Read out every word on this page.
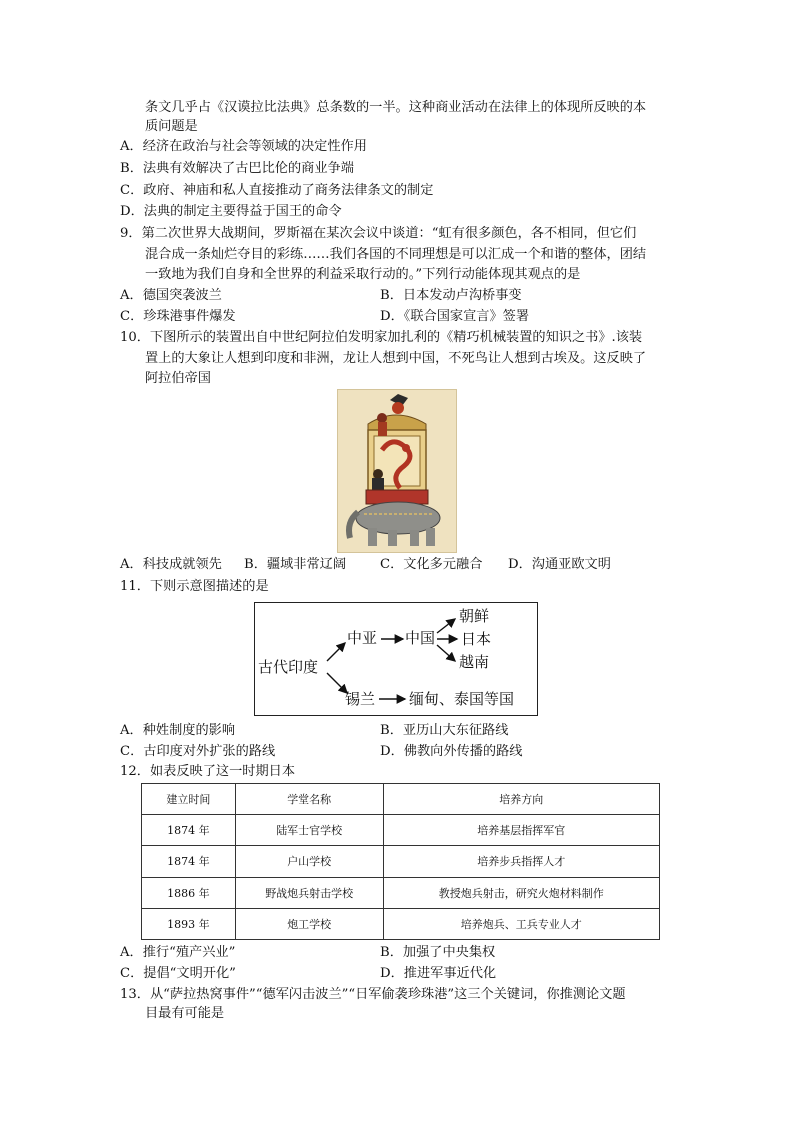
条文几乎占《汉谟拉比法典》总条数的一半。这种商业活动在法律上的体现所反映的本
质问题是
A．经济在政治与社会等领域的决定性作用
B．法典有效解决了古巴比伦的商业争端
C．政府、神庙和私人直接推动了商务法律条文的制定
D．法典的制定主要得益于国王的命令
9．第二次世界大战期间，罗斯福在某次会议中谈道：“虹有很多颜色，各不相同，但它们
混合成一条灿烂夺目的彩练……我们各国的不同理想是可以汇成一个和谐的整体，团结
一致地为我们自身和全世界的利益采取行动的。”下列行动能体现其观点的是
A．德国突袭波兰	B．日本发动卢沟桥事变
C．珍珠港事件爆发	D．《联合国家宣言》签署
10．下图所示的装置出自中世纪阿拉伯发明家加扎利的《精巧机械装置的知识之书》.该装
置上的大象让人想到印度和非洲，龙让人想到中国，不死鸟让人想到古埃及。这反映了
阿拉伯帝国
A．科技成就领先 B．疆域非常辽阔	C．文化多元融合 D．沟通亚欧文明
11．下则示意图描述的是
古代印度
中亚 中国
朝鲜
日本
越南
锡兰 缅甸、泰国等国
A．种姓制度的影响	B．亚历山大东征路线
C．古印度对外扩张的路线	D．佛教向外传播的路线
12．如表反映了这一时期日本
建立时间	学堂名称	培养方向
1874 年	陆军士官学校	培养基层指挥军官
1874 年	户山学校	培养步兵指挥人才
1886 年	野战炮兵射击学校	教授炮兵射击，研究火炮材料制作
1893 年	炮工学校	培养炮兵、工兵专业人才
A．推行“殖产兴业”	B．加强了中央集权
C．提倡“文明开化”	D．推进军事近代化
13．从“萨拉热窝事件”“德军闪击波兰”“日军偷袭珍珠港”这三个关键词，你推测论文题
目最有可能是
